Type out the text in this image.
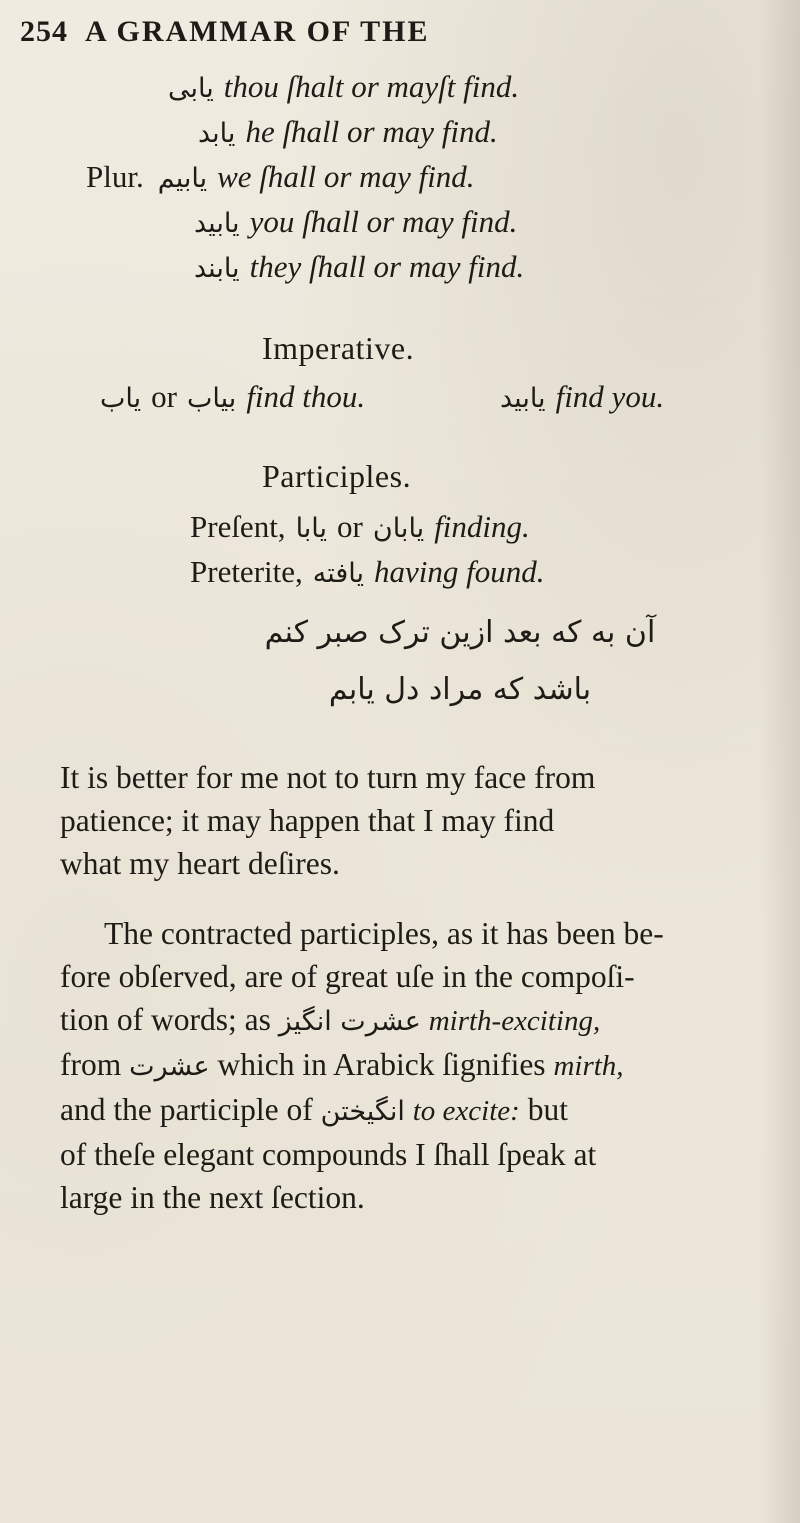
254 A GRAMMAR OF THE
یابی thou ſhalt or mayſt find.
یابد he ſhall or may find.
Plur. یابیم we ſhall or may find.
یابید you ſhall or may find.
یابند they ſhall or may find.
Imperative.
یاب or بیاب find thou.	یابید find you.
Participles.
Preſent, یابا or یابان finding.
Preterite, یافته having found.
آن به که بعد ازین ترک صبر کنم
باشد که مراد دل یابم
It is better for me not to turn my face from
patience; it may happen that I may find
what my heart deſires.
The contracted participles, as it has been be-
fore obſerved, are of great uſe in the compoſi-
tion of words; as عشرت انگیز mirth-exciting,
from عشرت which in Arabick ſignifies mirth,
and the participle of انگیختن to excite: but
of theſe elegant compounds I ſhall ſpeak at
large in the next ſection.
